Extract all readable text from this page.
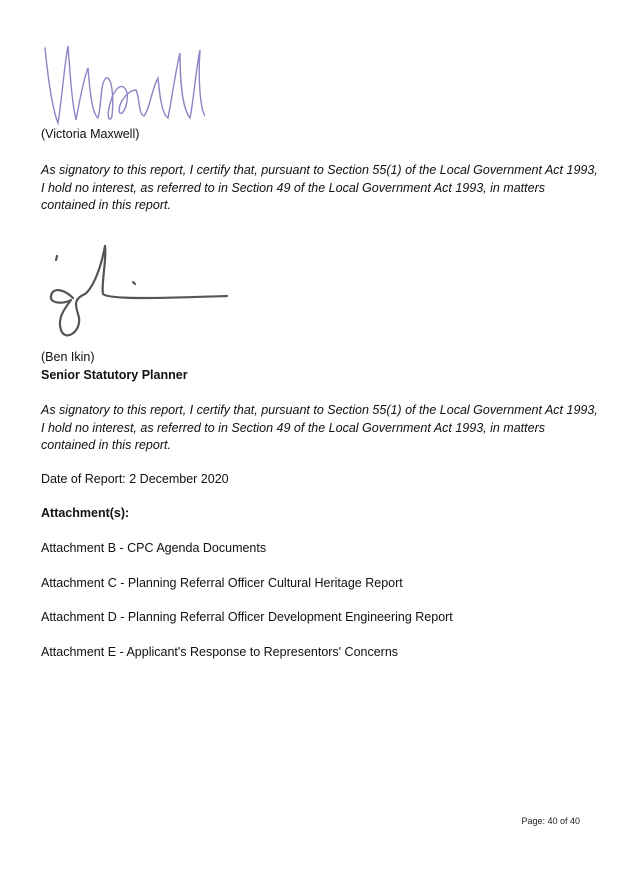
(Victoria Maxwell)
As signatory to this report, I certify that, pursuant to Section 55(1) of the Local Government Act 1993, I hold no interest, as referred to in Section 49 of the Local Government Act 1993, in matters contained in this report.
(Ben Ikin)
Senior Statutory Planner
As signatory to this report, I certify that, pursuant to Section 55(1) of the Local Government Act 1993, I hold no interest, as referred to in Section 49 of the Local Government Act 1993, in matters contained in this report.
Date of Report: 2 December 2020
Attachment(s):
Attachment B - CPC Agenda Documents
Attachment C - Planning Referral Officer Cultural Heritage Report
Attachment D - Planning Referral Officer Development Engineering Report
Attachment E - Applicant's Response to Representors' Concerns
Page: 40 of 40
